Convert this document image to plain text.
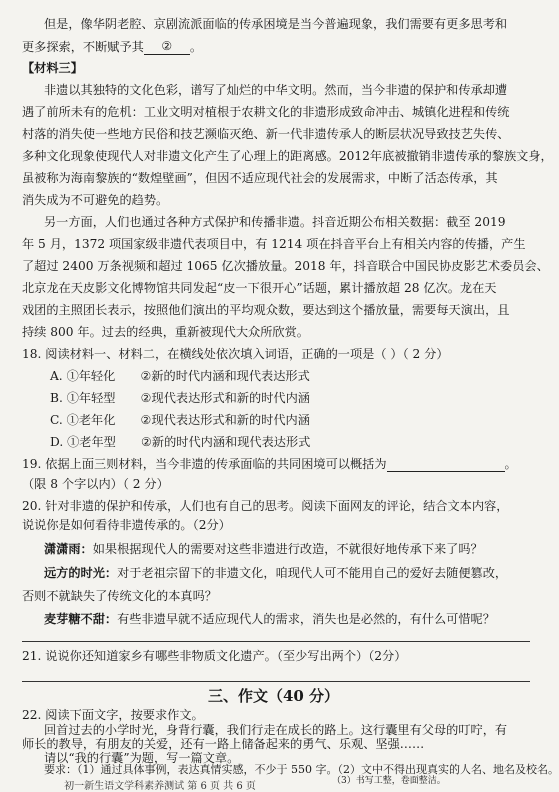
但是，像华阴老腔、京剧流派面临的传承困境是当今普遍现象，我们需要有更多思考和
更多探索，不断赋予其 ② 。
【材料三】
非遗以其独特的文化色彩，谱写了灿烂的中华文明。然而，当今非遗的保护和传承却遭
遇了前所未有的危机：工业文明对植根于农耕文化的非遗形成致命冲击、城镇化进程和传统
村落的消失使一些地方民俗和技艺濒临灭绝、新一代非遗传承人的断层状况导致技艺失传、
多种文化现象使现代人对非遗文化产生了心理上的距离感。2012年底被撤销非遗传承的黎族文身，
虽被称为海南黎族的“数煌壁画”，但因不适应现代社会的发展需求，中断了活态传承，其
消失成为不可避免的趋势。
另一方面，人们也通过各种方式保护和传播非遗。抖音近期公布相关数据：截至 2019
年 5 月，1372 项国家级非遗代表项目中，有 1214 项在抖音平台上有相关内容的传播，产生
了超过 2400 万条视频和超过 1065 亿次播放量。2018 年，抖音联合中国民协皮影艺术委员会、
北京龙在天皮影文化博物馆共同发起“皮一下很开心”话题，累计播放超 28 亿次。龙在天
戏团的主照团长表示，按照他们演出的平均观众数，要达到这个播放量，需要每天演出，且
持续 800 年。过去的经典，重新被现代大众所欣赏。
18. 阅读材料一、材料二，在横线处依次填入词语，正确的一项是（ ）（ 2 分）
A. ①年轻化 ②新的时代内涵和现代表达形式
B. ①年轻型 ②现代表达形式和新的时代内涵
C. ①老年化 ②现代表达形式和新的时代内涵
D. ①老年型 ②新的时代内涵和现代表达形式
19. 依据上面三则材料，当今非遗的传承面临的共同困境可以概括为	。
（限 8 个字以内）（ 2 分）
20. 针对非遗的保护和传承，人们也有自己的思考。阅读下面网友的评论，结合文本内容，
说说你是如何看待非遗传承的。（2分）
潇潇雨：如果根据现代人的需要对这些非遗进行改造，不就很好地传承下来了吗？
远方的时光：对于老祖宗留下的非遗文化，咱现代人可不能用自己的爱好去随便篡改，
否则不就缺失了传统文化的本真吗？
麦芽糖不甜：有些非遗早就不适应现代人的需求，消失也是必然的，有什么可惜呢？
21. 说说你还知道家乡有哪些非物质文化遗产。（至少写出两个）（2分）
三、作文（40 分）
22. 阅读下面文字，按要求作文。
回首过去的小学时光，身背行囊，我们行走在成长的路上。这行囊里有父母的叮咛，有
师长的教导，有朋友的关爱，还有一路上储备起来的勇气、乐观、坚强……
请以“我的行囊”为题，写一篇文章。
要求：（1）通过具体事例，表达真情实感，不少于 550 字。
（2）文中不得出现真实的人名、地名及校名。
（3）书写工整，卷面整洁。
初一新生语文学科素养测试 第 6 页 共 6 页
